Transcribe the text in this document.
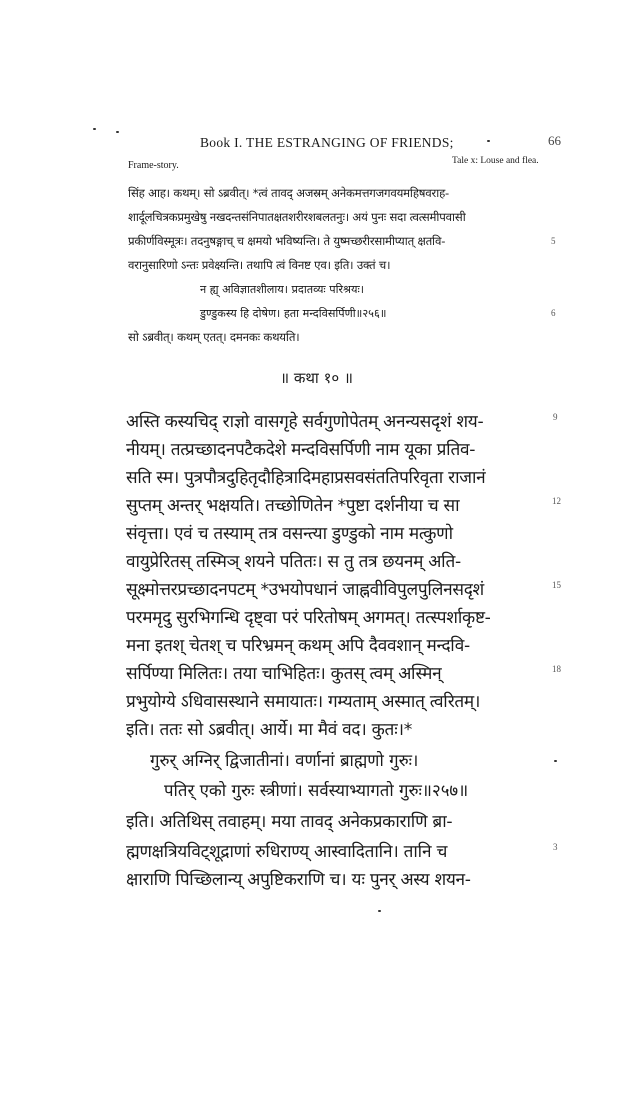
Book I. THE ESTRANGING OF FRIENDS;	66
Frame-story.	Tale x: Louse and flea.
सिंह आह। कथम्। सो ऽब्रवीत्। *त्वं तावद् अजस्रम् अनेकमत्तगजगवयमहिषवराह-
शार्दूलचित्रकप्रमुखेषु नखदन्तसंनिपातक्षतशरीरशबलतनुः। अयं पुनः सदा त्वत्समीपवासी
प्रकीर्णविस्मूत्रः। तदनुषङ्गाच् च क्षमयो भविष्यन्ति। ते युष्मच्छरीरसामीप्यात् क्षतवि-	5
वरानुसारिणो ऽन्तः प्रवेक्ष्यन्ति। तथापि त्वं विनष्ट एव। इति। उक्तं च।
न ह्य् अविज्ञातशीलाय। प्रदातव्यः परिश्रयः।
डुण्डुकस्य हि दोषेण। हता मन्दविसर्पिणी॥२५६॥	6
सो ऽब्रवीत्। कथम् एतत्। दमनकः कथयति।
॥ कथा १० ॥
अस्ति कस्यचिद् राज्ञो वासगृहे सर्वगुणोपेतम् अनन्यसदृशं शय-	9
नीयम्। तत्प्रच्छादनपटैकदेशे मन्दविसर्पिणी नाम यूका प्रतिव-
सति स्म। पुत्रपौत्रदुहितृदौहित्रादिमहाप्रसवसंततिपरिवृता राजानं
सुप्तम् अन्तर् भक्षयति। तच्छोणितेन *पुष्टा दर्शनीया च सा	12
संवृत्ता। एवं च तस्याम् तत्र वसन्त्या डुण्डुको नाम मत्कुणो
वायुप्रेरितस् तस्मिञ् शयने पतितः। स तु तत्र छयनम् अति-
सूक्ष्मोत्तरप्रच्छादनपटम् *उभयोपधानं जाह्नवीविपुलपुलिनसदृशं	15
परममृदु सुरभिगन्धि दृष्ट्वा परं परितोषम् अगमत्। तत्स्पर्शाकृष्ट-
मना इतश् चेतश् च परिभ्रमन् कथम् अपि दैववशान् मन्दवि-
सर्पिण्या मिलितः। तया चाभिहितः। कुतस् त्वम् अस्मिन्	18
प्रभुयोग्ये ऽधिवासस्थाने समायातः। गम्यताम् अस्मात् त्वरितम्।
इति। ततः सो ऽब्रवीत्। आर्ये। मा मैवं वद। कुतः।*
गुरुर् अग्निर् द्विजातीनां। वर्णानां ब्राह्मणो गुरुः।
पतिर् एको गुरुः स्त्रीणां। सर्वस्याभ्यागतो गुरुः॥२५७॥
इति। अतिथिस् तवाहम्। मया तावद् अनेकप्रकाराणि ब्रा-
ह्मणक्षत्रियविट्शूद्राणां रुधिराण्य् आस्वादितानि। तानि च	3
क्षाराणि पिच्छिलान्य् अपुष्टिकराणि च। यः पुनर् अस्य शयन-
